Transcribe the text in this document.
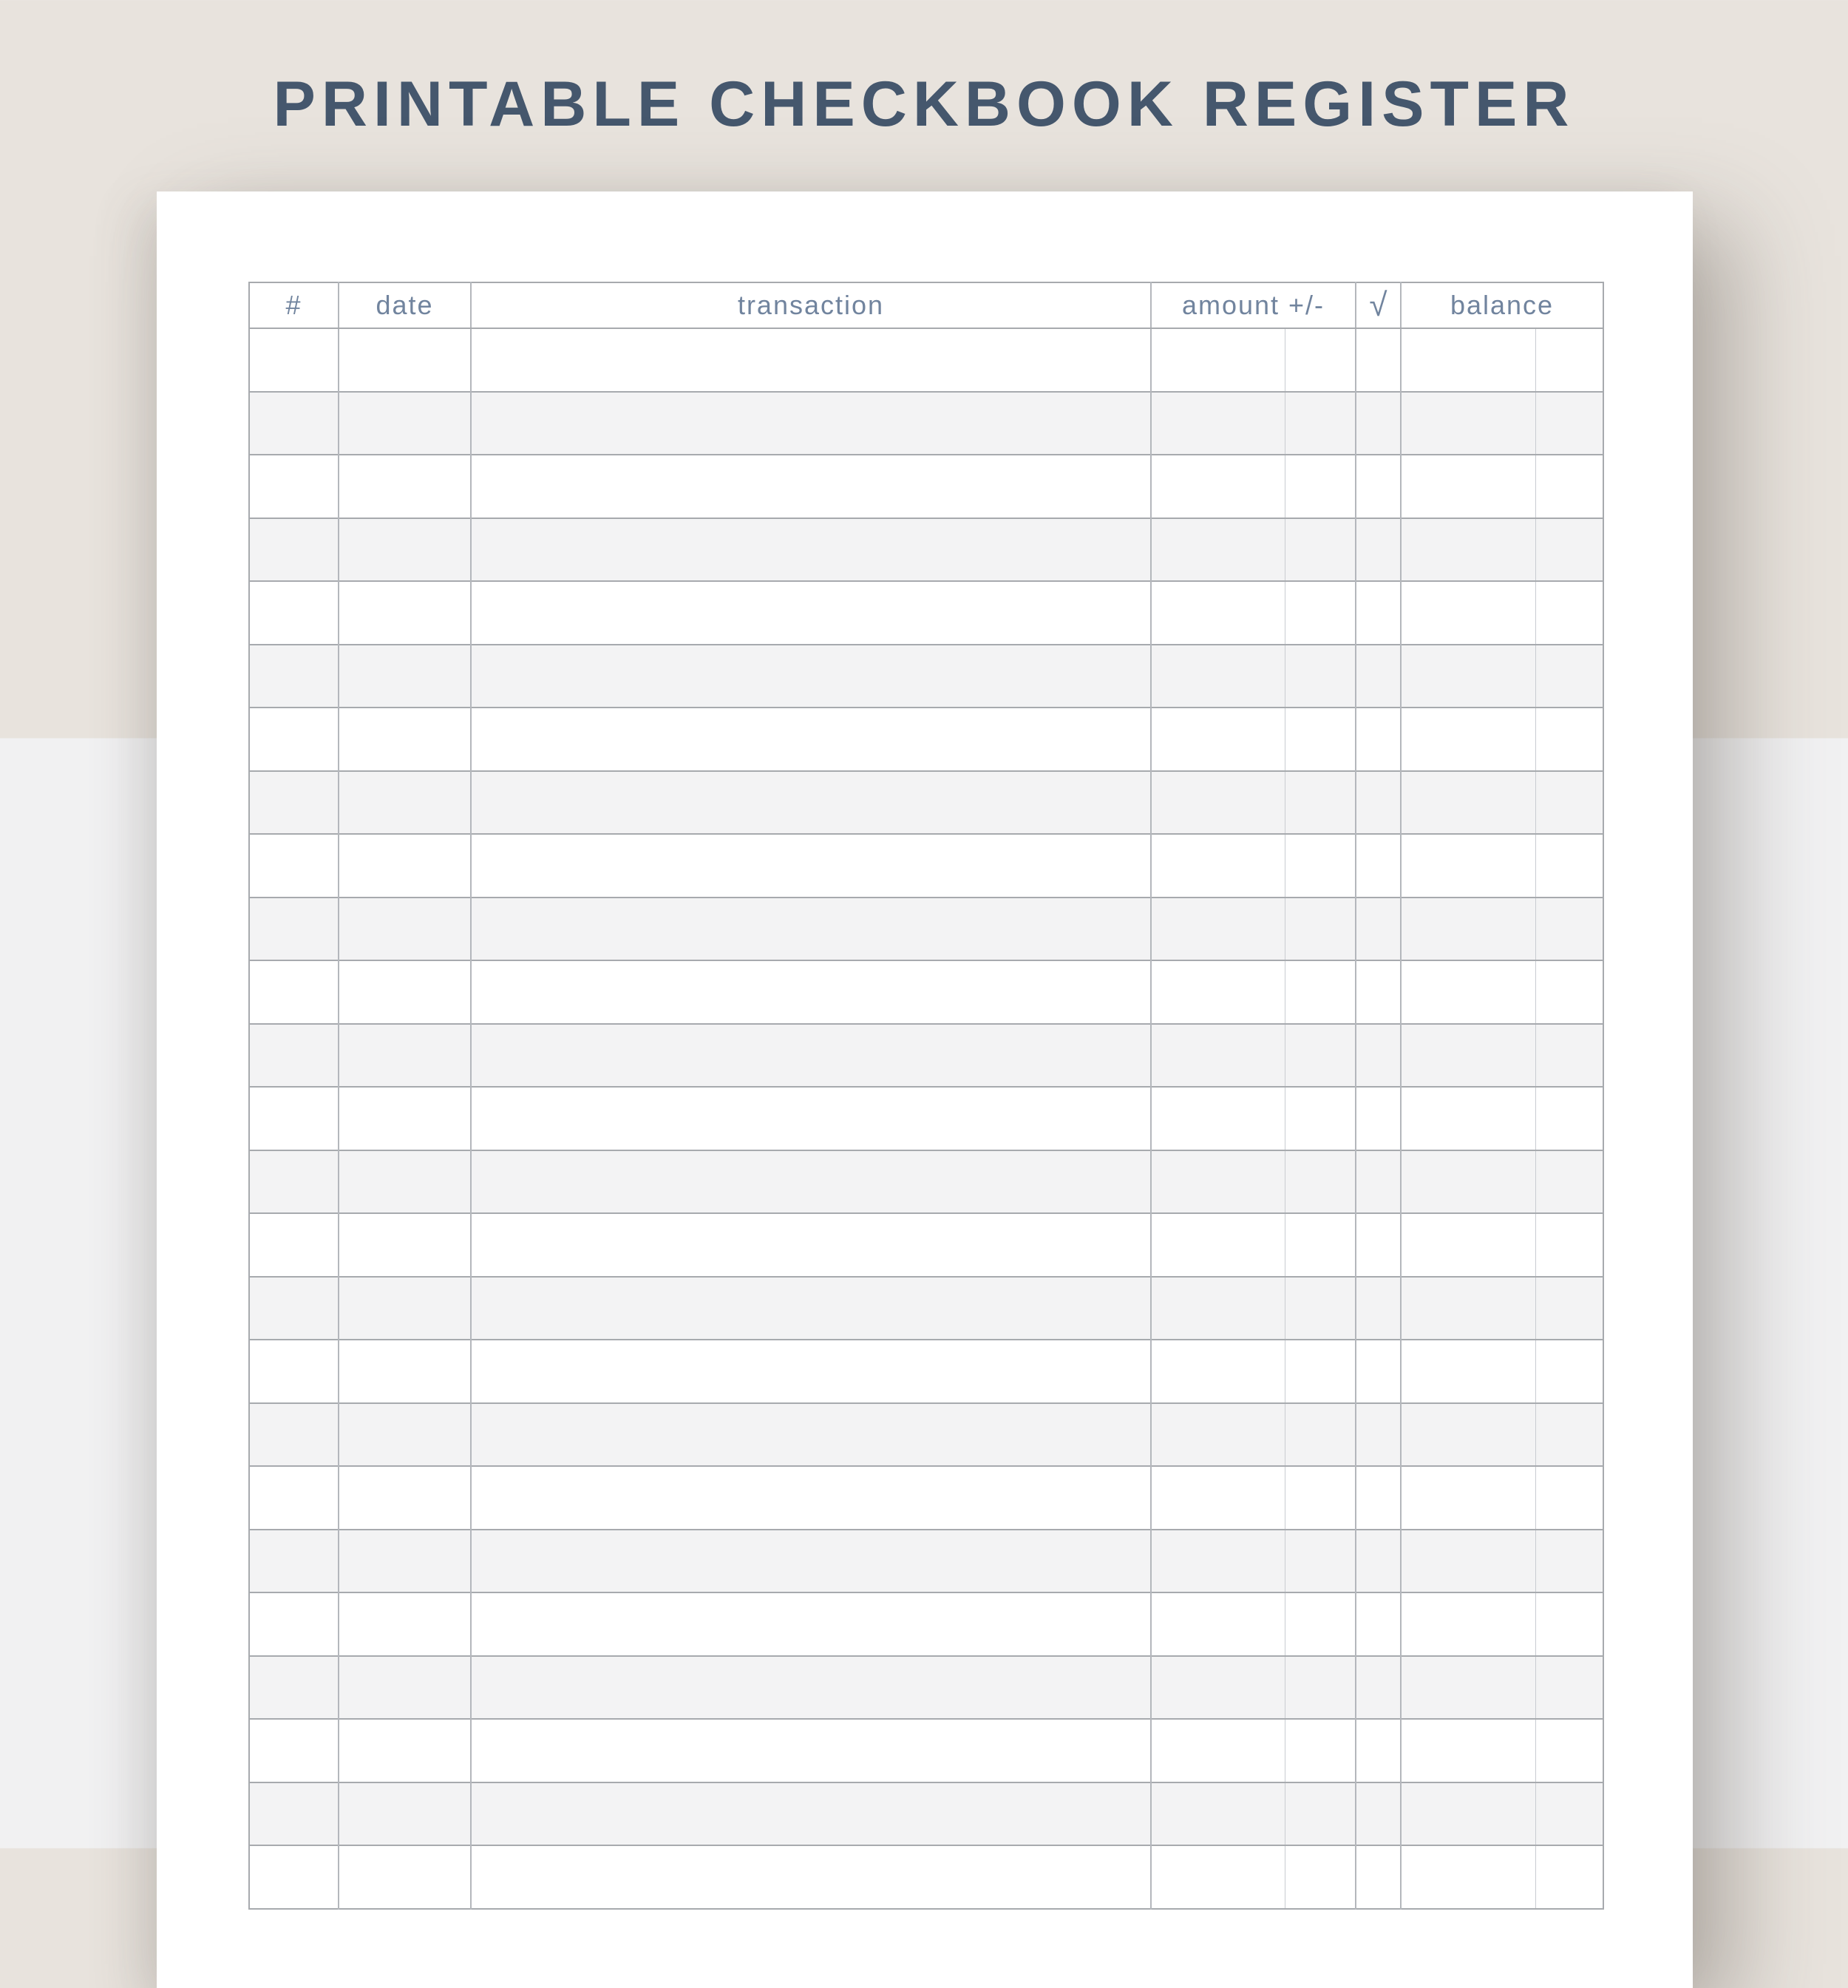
PRINTABLE CHECKBOOK REGISTER
#	date	transaction	amount +/-		√	balance	
